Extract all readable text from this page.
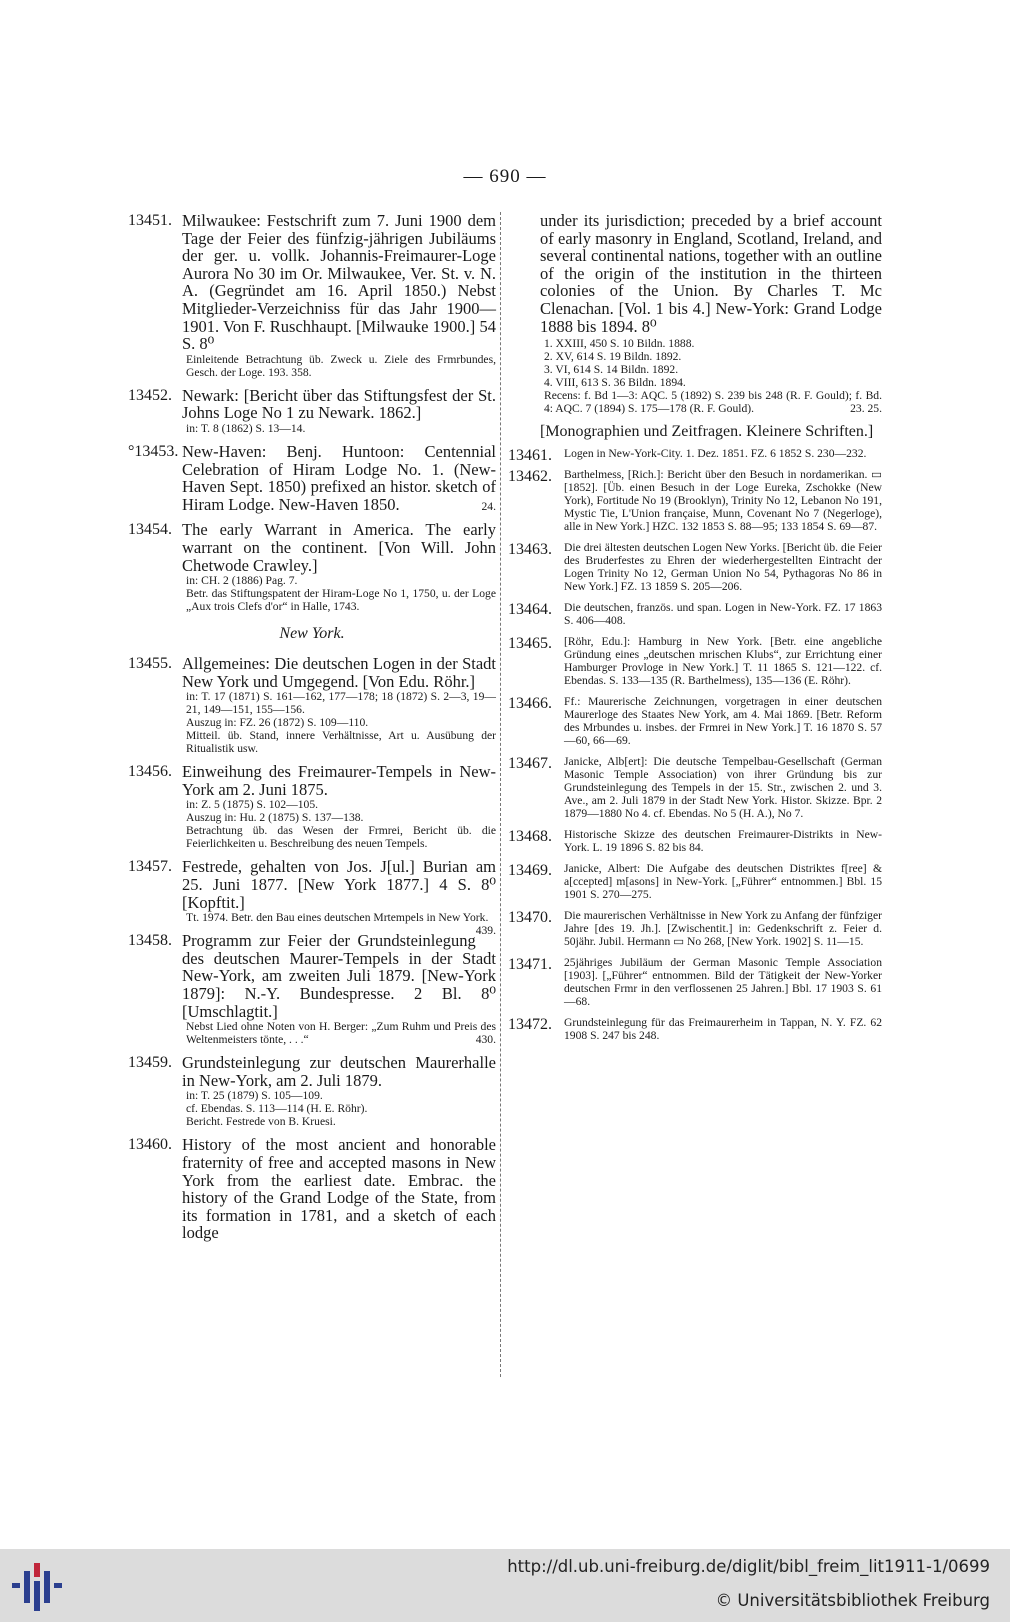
— 690 —
13451. Milwaukee: Festschrift zum 7. Juni 1900 dem Tage der Feier des fünfzig-jährigen Jubiläums der ger. u. vollk. Johannis-Freimaurer-Loge Aurora No 30 im Or. Milwaukee, Ver. St. v. N. A. (Gegründet am 16. April 1850.) Nebst Mitglieder-Verzeichniss für das Jahr 1900—1901. Von F. Ruschhaupt. [Milwauke 1900.] 54 S. 8⁰

Einleitende Betrachtung üb. Zweck u. Ziele des Frmrbundes, Gesch. der Loge. 193. 358.

13452. Newark: [Bericht über das Stiftungsfest der St. Johns Loge No 1 zu Newark. 1862.]

in: T. 8 (1862) S. 13—14.

°13453. New-Haven: Benj. Huntoon: Centennial Celebration of Hiram Lodge No. 1. (New-Haven Sept. 1850) prefixed an histor. sketch of Hiram Lodge. New-Haven 1850.	24.

13454. The early Warrant in America. The early warrant on the continent. [Von Will. John Chetwode Crawley.]

in: CH. 2 (1886) Pag. 7.

Betr. das Stiftungspatent der Hiram-Loge No 1, 1750, u. der Loge „Aux trois Clefs d'or“ in Halle, 1743.

New York.
13455. Allgemeines: Die deutschen Logen in der Stadt New York und Umgegend. [Von Edu. Röhr.]

in: T. 17 (1871) S. 161—162, 177—178; 18 (1872) S. 2—3, 19—21, 149—151, 155—156.

Auszug in: FZ. 26 (1872) S. 109—110.

Mitteil. üb. Stand, innere Verhältnisse, Art u. Ausübung der Ritualistik usw.

13456. Einweihung des Freimaurer-Tempels in New-York am 2. Juni 1875.

in: Z. 5 (1875) S. 102—105.

Auszug in: Hu. 2 (1875) S. 137—138.

Betrachtung üb. das Wesen der Frmrei, Bericht üb. die Feierlichkeiten u. Beschreibung des neuen Tempels.

13457. Festrede, gehalten von Jos. J[ul.] Burian am 25. Juni 1877. [New York 1877.] 4 S. 8⁰ [Kopftit.]

Tt. 1974. Betr. den Bau eines deutschen Mrtempels in New York.
439.

13458. Programm zur Feier der Grundsteinlegung des deutschen Maurer-Tempels in der Stadt New-York, am zweiten Juli 1879. [New-York 1879]: N.-Y. Bundespresse. 2 Bl. 8⁰ [Umschlagtit.]

Nebst Lied ohne Noten von H. Berger: „Zum Ruhm und Preis des Weltenmeisters tönte, . . .“	430.

13459. Grundsteinlegung zur deutschen Maurerhalle in New-York, am 2. Juli 1879.

in: T. 25 (1879) S. 105—109.

cf. Ebendas. S. 113—114 (H. E. Röhr).

Bericht. Festrede von B. Kruesi.

13460. History of the most ancient and honorable fraternity of free and accepted masons in New York from the earliest date. Embrac. the history of the Grand Lodge of the State, from its formation in 1781, and a sketch of each lodge

under its jurisdiction; preceded by a brief account of early masonry in England, Scotland, Ireland, and several continental nations, together with an outline of the origin of the institution in the thirteen colonies of the Union. By Charles T. Mc Clenachan. [Vol. 1 bis 4.] New-York: Grand Lodge 1888 bis 1894. 8⁰

1. XXIII, 450 S. 10 Bildn. 1888.

2. XV, 614 S. 19 Bildn. 1892.

3. VI, 614 S. 14 Bildn. 1892.

4. VIII, 613 S. 36 Bildn. 1894.

Recens: f. Bd 1—3: AQC. 5 (1892) S. 239 bis 248 (R. F. Gould); f. Bd. 4: AQC. 7 (1894) S. 175—178 (R. F. Gould).	23. 25.

[Monographien und Zeitfragen. Kleinere Schriften.]
13461.	Logen in New-York-City. 1. Dez. 1851. FZ. 6 1852 S. 230—232.

13462.	Barthelmess, [Rich.]: Bericht über den Besuch in nordamerikan. ▭ [1852]. [Üb. einen Besuch in der Loge Eureka, Zschokke (New York), Fortitude No 19 (Brooklyn), Trinity No 12, Lebanon No 191, Mystic Tie, L'Union française, Munn, Covenant No 7 (Negerloge), alle in New York.] HZC. 132 1853 S. 88—95; 133 1854 S. 69—87.

13463.	Die drei ältesten deutschen Logen New Yorks. [Bericht üb. die Feier des Bruderfestes zu Ehren der wiederhergestellten Eintracht der Logen Trinity No 12, German Union No 54, Pythagoras No 86 in New York.] FZ. 13 1859 S. 205—206.

13464.	Die deutschen, französ. und span. Logen in New-York. FZ. 17 1863 S. 406—408.

13465.	[Röhr, Edu.]: Hamburg in New York. [Betr. eine angebliche Gründung eines „deutschen mrischen Klubs“, zur Errichtung einer Hamburger Provloge in New York.] T. 11 1865 S. 121—122. cf. Ebendas. S. 133—135 (R. Barthelmess), 135—136 (E. Röhr).

13466.	Ff.: Maurerische Zeichnungen, vorgetragen in einer deutschen Maurerloge des Staates New York, am 4. Mai 1869. [Betr. Reform des Mrbundes u. insbes. der Frmrei in New York.] T. 16 1870 S. 57—60, 66—69.

13467.	Janicke, Alb[ert]: Die deutsche Tempelbau-Gesellschaft (German Masonic Temple Association) von ihrer Gründung bis zur Grundsteinlegung des Tempels in der 15. Str., zwischen 2. und 3. Ave., am 2. Juli 1879 in der Stadt New York. Histor. Skizze. Bpr. 2 1879—1880 No 4. cf. Ebendas. No 5 (H. A.), No 7.

13468.	Historische Skizze des deutschen Freimaurer-Distrikts in New-York. L. 19 1896 S. 82 bis 84.

13469.	Janicke, Albert: Die Aufgabe des deutschen Distriktes f[ree] & a[ccepted] m[asons] in New-York. [„Führer“ entnommen.] Bbl. 15 1901 S. 270—275.

13470.	Die maurerischen Verhältnisse in New York zu Anfang der fünfziger Jahre [des 19. Jh.]. [Zwischentit.] in: Gedenkschrift z. Feier d. 50jähr. Jubil. Hermann ▭ No 268, [New York. 1902] S. 11—15.

13471.	25jähriges Jubiläum der German Masonic Temple Association [1903]. [„Führer“ entnommen. Bild der Tätigkeit der New-Yorker deutschen Frmr in den verflossenen 25 Jahren.] Bbl. 17 1903 S. 61—68.

13472.	Grundsteinlegung für das Freimaurerheim in Tappan, N. Y. FZ. 62 1908 S. 247 bis 248.

http://dl.ub.uni-freiburg.de/diglit/bibl_freim_lit1911-1/0699
© Universitätsbibliothek Freiburg
